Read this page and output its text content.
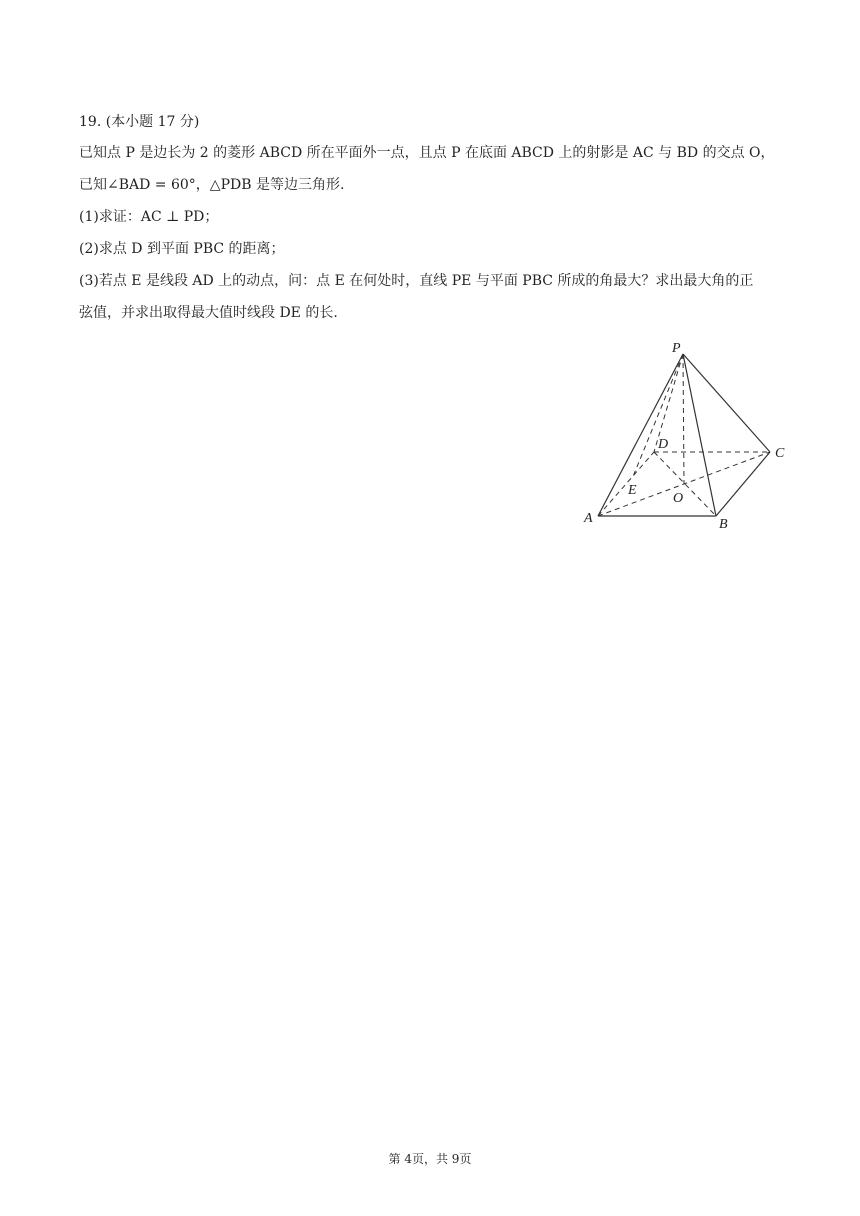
19. (本小题 17 分)
已知点 P 是边长为 2 的菱形 ABCD 所在平面外一点，且点 P 在底面 ABCD 上的射影是 AC 与 BD 的交点 O，
已知∠BAD = 60°，△PDB 是等边三角形.
(1)求证：AC ⊥ PD；
(2)求点 D 到平面 PBC 的距离；
(3)若点 E 是线段 AD 上的动点，问：点 E 在何处时，直线 PE 与平面 PBC 所成的角最大？求出最大角的正
弦值，并求出取得最大值时线段 DE 的长.
P
A	B
C
D
E
O
第 4页，共 9页
